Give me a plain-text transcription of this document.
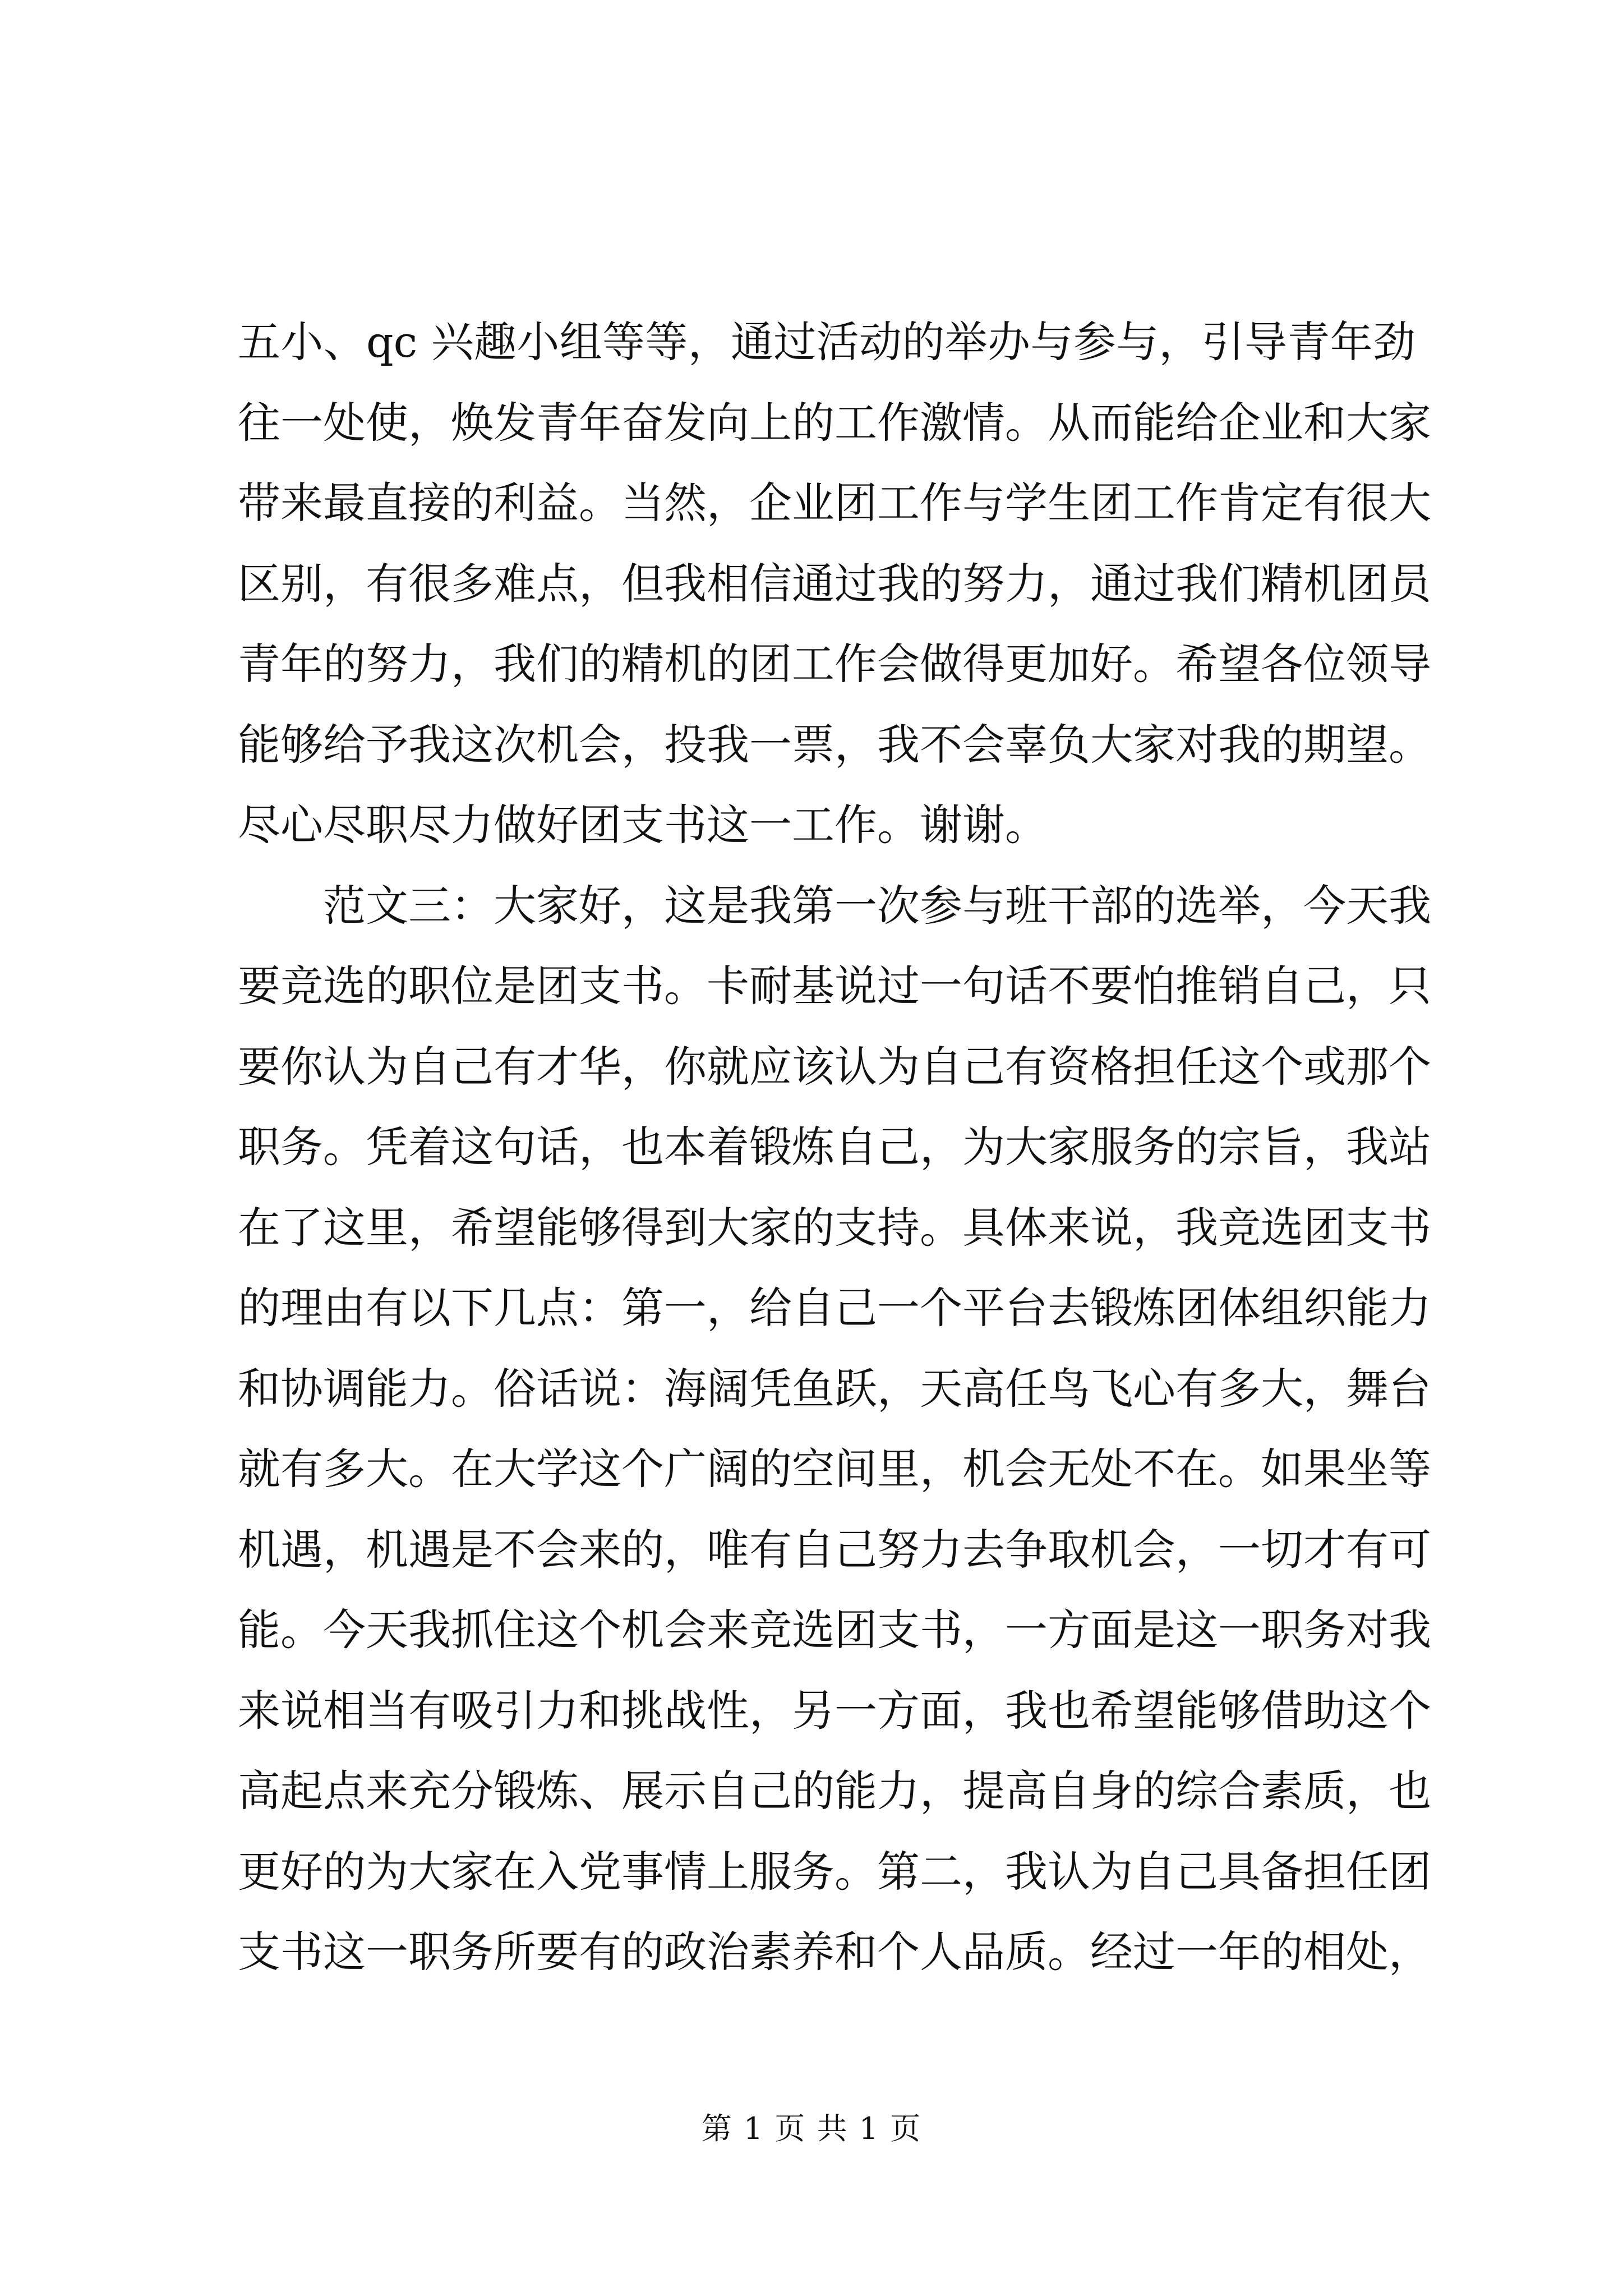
五小、qc 兴趣小组等等，通过活动的举办与参与，引导青年劲
往一处使，焕发青年奋发向上的工作激情。从而能给企业和大家
带来最直接的利益。当然，企业团工作与学生团工作肯定有很大
区别，有很多难点，但我相信通过我的努力，通过我们精机团员
青年的努力，我们的精机的团工作会做得更加好。希望各位领导
能够给予我这次机会，投我一票，我不会辜负大家对我的期望。
尽心尽职尽力做好团支书这一工作。谢谢。
范文三：大家好，这是我第一次参与班干部的选举，今天我
要竞选的职位是团支书。卡耐基说过一句话不要怕推销自己，只
要你认为自己有才华，你就应该认为自己有资格担任这个或那个
职务。凭着这句话，也本着锻炼自己，为大家服务的宗旨，我站
在了这里，希望能够得到大家的支持。具体来说，我竞选团支书
的理由有以下几点：第一，给自己一个平台去锻炼团体组织能力
和协调能力。俗话说：海阔凭鱼跃，天高任鸟飞心有多大，舞台
就有多大。在大学这个广阔的空间里，机会无处不在。如果坐等
机遇，机遇是不会来的，唯有自己努力去争取机会，一切才有可
能。今天我抓住这个机会来竞选团支书，一方面是这一职务对我
来说相当有吸引力和挑战性，另一方面，我也希望能够借助这个
高起点来充分锻炼、展示自己的能力，提高自身的综合素质，也
更好的为大家在入党事情上服务。第二，我认为自己具备担任团
支书这一职务所要有的政治素养和个人品质。经过一年的相处，
第 1 页 共 1 页
